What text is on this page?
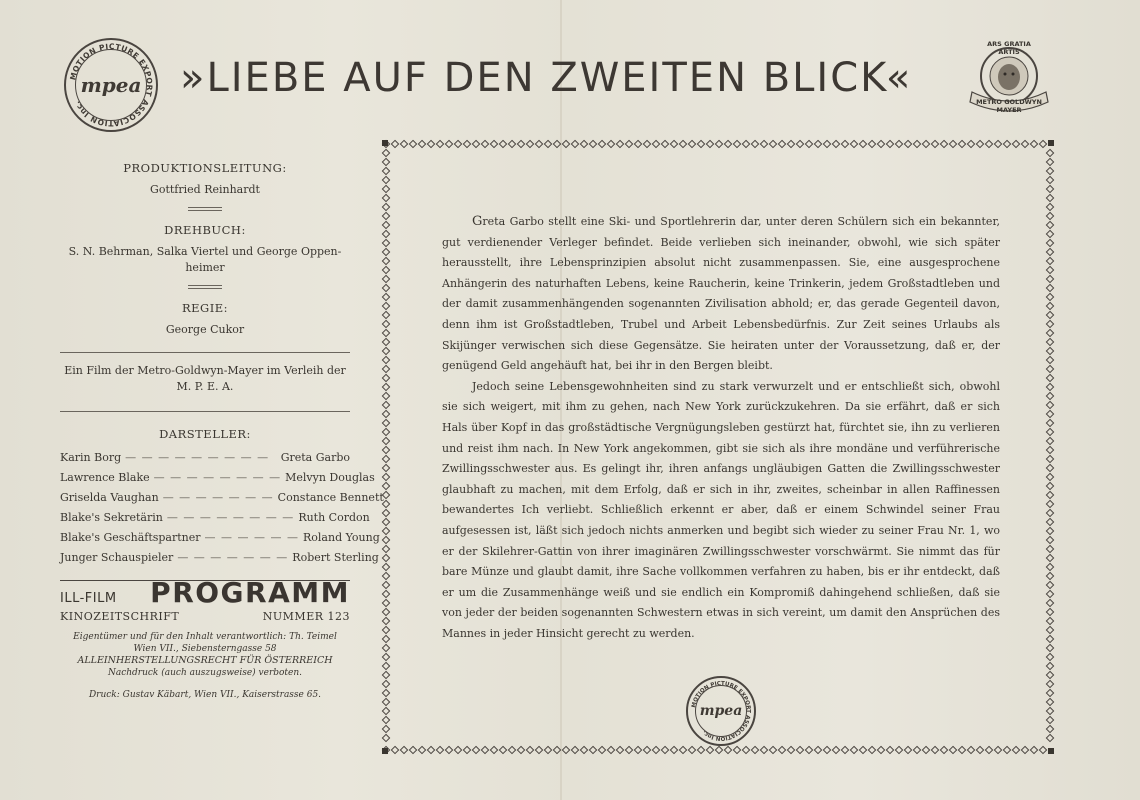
MOTION PICTURE EXPORT ASSOCIATION Inc.
mpea »LIEBE AUF DEN ZWEITEN BLICK«
ARS GRATIA ARTIS
METRO GOLDWYN MAYER
PRODUKTIONSLEITUNG:
Gottfried Reinhardt
DREHBUCH:
S. N. Behrman, Salka Viertel und George Oppen-heimer
REGIE:
George Cukor
Ein Film der Metro-Goldwyn-Mayer im Verleih der M. P. E. A.
DARSTELLER:
Karin Borg — — — — — — — — —	Greta Garbo
Lawrence Blake — — — — — — — — Melvyn Douglas
Griselda Vaughan — — — — — — — Constance Bennett
Blake's Sekretärin — — — — — — — — Ruth Cordon
Blake's Geschäftspartner — — — — — — Roland Young
Junger Schauspieler — — — — — — — Robert Sterling
ILL-FILM PROGRAMM
KINOZEITSCHRIFT	NUMMER 123
Eigentümer und für den Inhalt verantwortlich: Th. Teimel
Wien VII., Siebensterngasse 58
ALLEINHERSTELLUNGSRECHT FÜR ÖSTERREICH
Nachdruck (auch auszugsweise) verboten.
Druck: Gustav Käbart, Wien VII., Kaiserstrasse 65.

Greta Garbo stellt eine Ski- und Sportlehrerin dar, unter deren Schülern sich ein bekannter, gut verdienender Verleger befindet. Beide verlieben sich ineinander, obwohl, wie sich später herausstellt, ihre Lebensprinzipien absolut nicht zusammenpassen. Sie, eine ausgesprochene Anhängerin des naturhaften Lebens, keine Raucherin, keine Trinkerin, jedem Großstadtleben und der damit zusammenhängenden sogenannten Zivilisation abhold; er, das gerade Gegenteil davon, denn ihm ist Großstadtleben, Trubel und Arbeit Lebensbedürfnis. Zur Zeit seines Urlaubs als Skijünger verwischen sich diese Gegensätze. Sie heiraten unter der Voraussetzung, daß er, der genügend Geld angehäuft hat, bei ihr in den Bergen bleibt.

Jedoch seine Lebensgewohnheiten sind zu stark verwurzelt und er entschließt sich, obwohl sie sich weigert, mit ihm zu gehen, nach New York zurückzukehren. Da sie erfährt, daß er sich Hals über Kopf in das großstädtische Vergnügungsleben gestürzt hat, fürchtet sie, ihn zu verlieren und reist ihm nach. In New York angekommen, gibt sie sich als ihre mondäne und verführerische Zwillingsschwester aus. Es gelingt ihr, ihren anfangs ungläubigen Gatten die Zwillingsschwester glaubhaft zu machen, mit dem Erfolg, daß er sich in ihr, zweites, scheinbar in allen Raffinessen bewandertes Ich verliebt. Schließlich erkennt er aber, daß er einem Schwindel seiner Frau aufgesessen ist, läßt sich jedoch nichts anmerken und begibt sich wieder zu seiner Frau Nr. 1, wo er der Skilehrer-Gattin von ihrer imaginären Zwillingsschwester vorschwärmt. Sie nimmt das für bare Münze und glaubt damit, ihre Sache vollkommen verfahren zu haben, bis er ihr entdeckt, daß er um die Zusammenhänge weiß und sie endlich ein Kompromiß dahingehend schließen, daß sie von jeder der beiden sogenannten Schwestern etwas in sich vereint, um damit den Ansprüchen des Mannes in jeder Hinsicht gerecht zu werden.

MOTION PICTURE EXPORT ASSOCIATION Inc.
mpea
